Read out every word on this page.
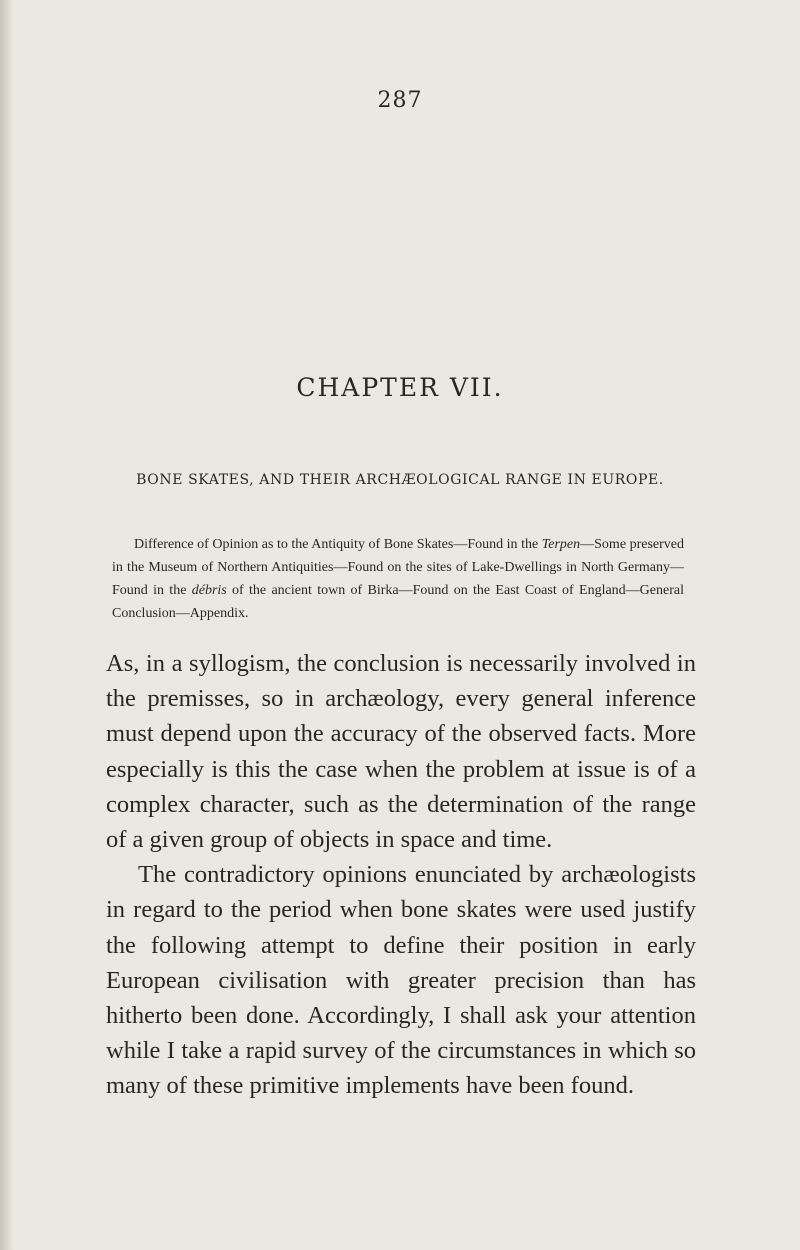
287
CHAPTER VII.
BONE SKATES, AND THEIR ARCHÆOLOGICAL RANGE IN EUROPE.
Difference of Opinion as to the Antiquity of Bone Skates—Found in the Terpen—Some preserved in the Museum of Northern Antiquities—Found on the sites of Lake-Dwellings in North Germany—Found in the débris of the ancient town of Birka—Found on the East Coast of England—General Conclusion—Appendix.

As, in a syllogism, the conclusion is necessarily involved in the premisses, so in archæology, every general inference must depend upon the accuracy of the observed facts. More especially is this the case when the problem at issue is of a complex character, such as the determination of the range of a given group of objects in space and time.

The contradictory opinions enunciated by archæologists in regard to the period when bone skates were used justify the following attempt to define their position in early European civilisation with greater precision than has hitherto been done. Accordingly, I shall ask your attention while I take a rapid survey of the circumstances in which so many of these primitive implements have been found.
